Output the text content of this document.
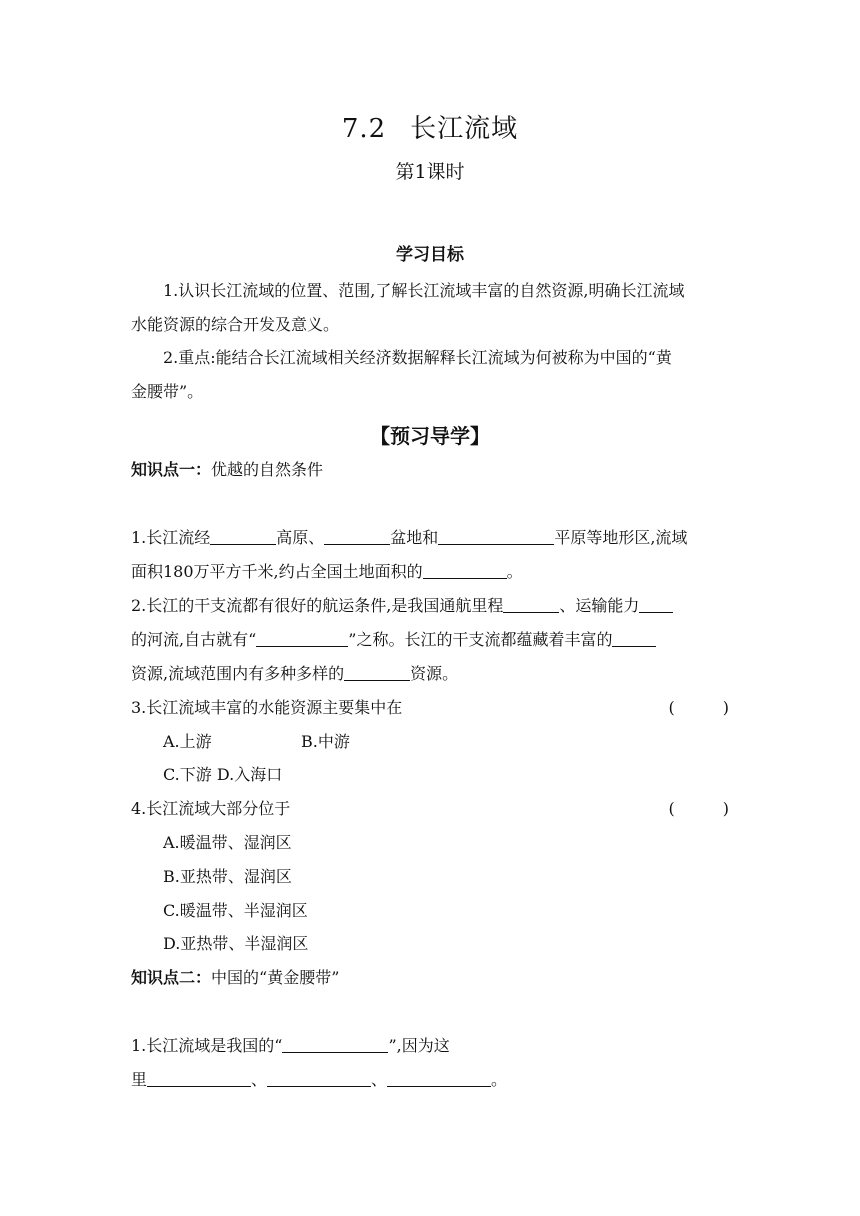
7.2 长江流域
第1课时
学习目标
1.认识长江流域的位置、范围,了解长江流域丰富的自然资源,明确长江流域
水能资源的综合开发及意义。
2.重点:能结合长江流域相关经济数据解释长江流域为何被称为中国的“黄
金腰带”。
【预习导学】
知识点一：优越的自然条件
1.长江流经	高原、	盆地和	平原等地形区,流域
面积180万平方千米,约占全国土地面积的	。
2.长江的干支流都有很好的航运条件,是我国通航里程	、运输能力
的河流,自古就有“	”之称。长江的干支流都蕴藏着丰富的
资源,流域范围内有多种多样的	资源。
3.长江流域丰富的水能资源主要集中在	(　　　)
A.上游	B.中游
C.下游 D.入海口
4.长江流域大部分位于	(　　　)
A.暖温带、湿润区
B.亚热带、湿润区
C.暖温带、半湿润区
D.亚热带、半湿润区
知识点二：中国的“黄金腰带”
1.长江流域是我国的“	”,因为这
里	、	、	。
